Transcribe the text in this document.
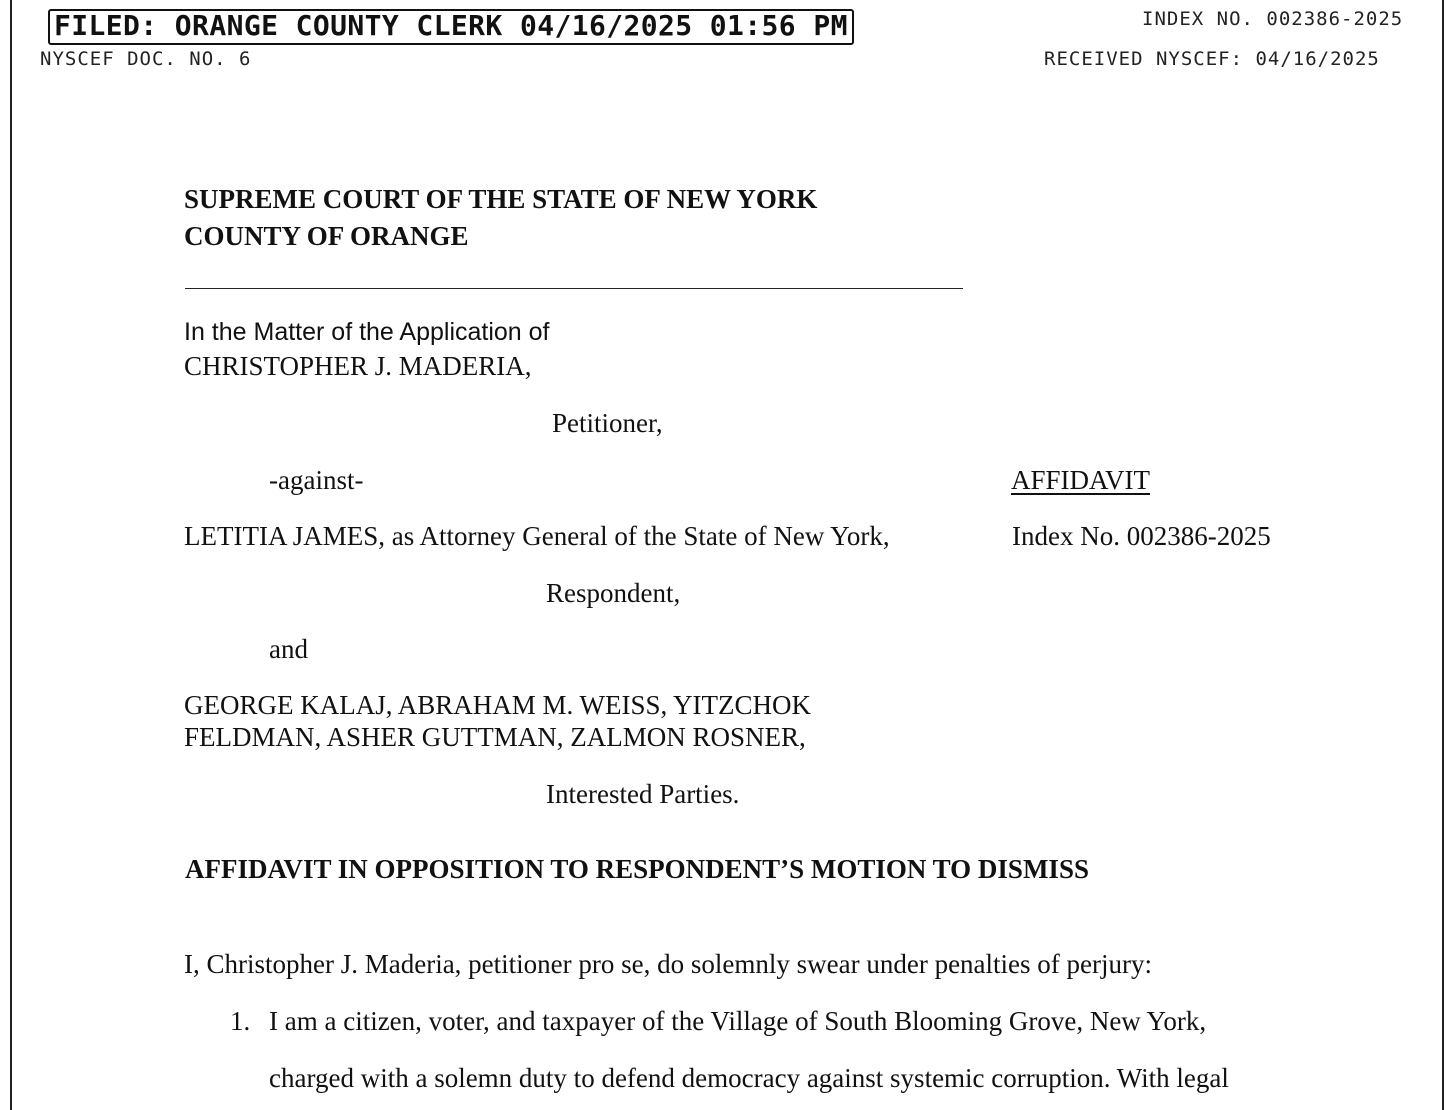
FILED: ORANGE COUNTY CLERK 04/16/2025 01:56 PM	INDEX NO. 002386-2025
NYSCEF DOC. NO. 6	RECEIVED NYSCEF: 04/16/2025
SUPREME COURT OF THE STATE OF NEW YORK
COUNTY OF ORANGE
In the Matter of the Application of
CHRISTOPHER J. MADERIA,
Petitioner,
-against-	AFFIDAVIT
LETITIA JAMES, as Attorney General of the State of New York,	Index No. 002386-2025
Respondent,
and
GEORGE KALAJ, ABRAHAM M. WEISS, YITZCHOK
FELDMAN, ASHER GUTTMAN, ZALMON ROSNER,
Interested Parties.
AFFIDAVIT IN OPPOSITION TO RESPONDENT’S MOTION TO DISMISS
I, Christopher J. Maderia, petitioner pro se, do solemnly swear under penalties of perjury:
1. I am a citizen, voter, and taxpayer of the Village of South Blooming Grove, New York,
charged with a solemn duty to defend democracy against systemic corruption. With legal
